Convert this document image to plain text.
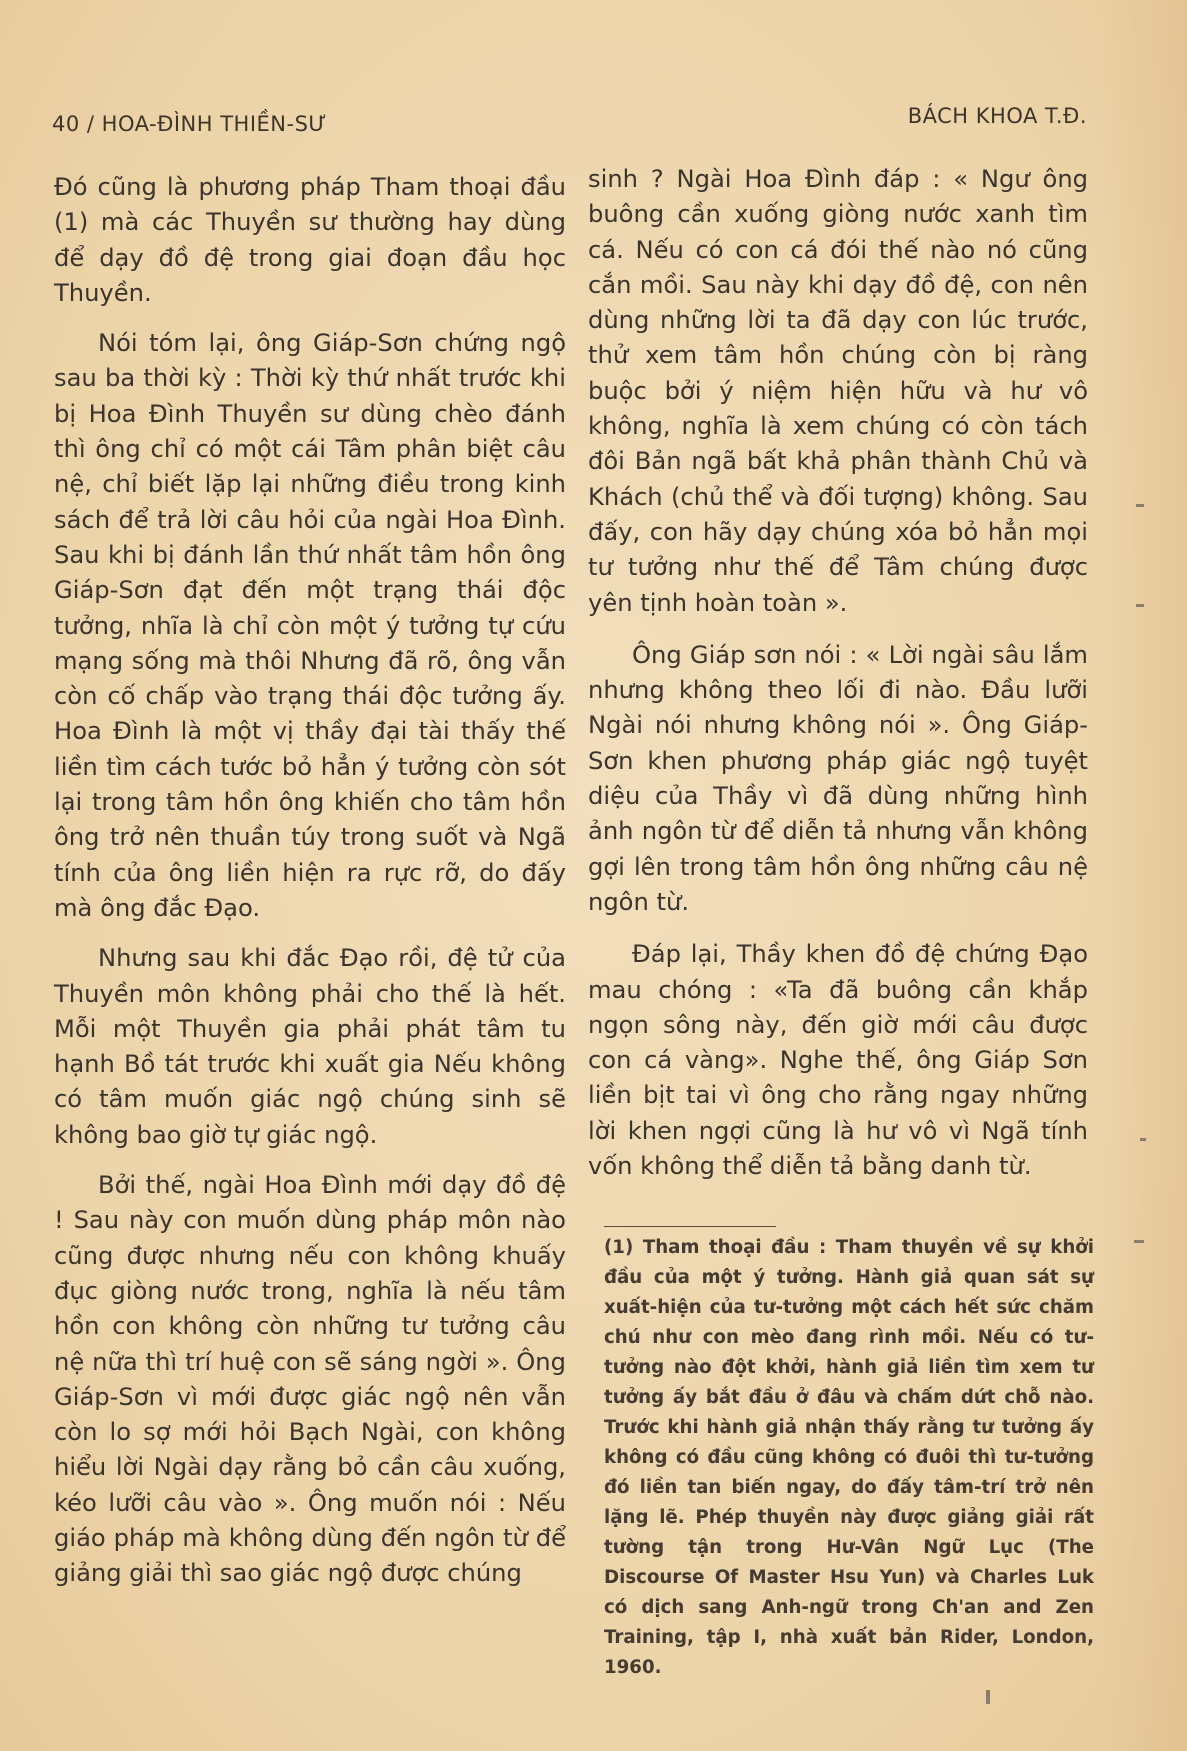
40 / HOA-ĐÌNH THIỀN-SƯ	BÁCH KHOA T.Đ.

Đó cũng là phương pháp Tham thoại đầu (1) mà các Thuyền sư thường hay dùng để dạy đồ đệ trong giai đoạn đầu học Thuyền.

Nói tóm lại, ông Giáp-Sơn chứng ngộ sau ba thời kỳ : Thời kỳ thứ nhất trước khi bị Hoa Đình Thuyền sư dùng chèo đánh thì ông chỉ có một cái Tâm phân biệt câu nệ, chỉ biết lặp lại những điều trong kinh sách để trả lời câu hỏi của ngài Hoa Đình. Sau khi bị đánh lần thứ nhất tâm hồn ông Giáp-Sơn đạt đến một trạng thái độc tưởng, nhĩa là chỉ còn một ý tưởng tự cứu mạng sống mà thôi Nhưng đã rõ, ông vẫn còn cố chấp vào trạng thái độc tưởng ấy. Hoa Đình là một vị thầy đại tài thấy thế liền tìm cách tước bỏ hẳn ý tưởng còn sót lại trong tâm hồn ông khiến cho tâm hồn ông trở nên thuần túy trong suốt và Ngã tính của ông liền hiện ra rực rỡ, do đấy mà ông đắc Đạo.

Nhưng sau khi đắc Đạo rồi, đệ tử của Thuyền môn không phải cho thế là hết. Mỗi một Thuyền gia phải phát tâm tu hạnh Bồ tát trước khi xuất gia Nếu không có tâm muốn giác ngộ chúng sinh sẽ không bao giờ tự giác ngộ.

Bởi thế, ngài Hoa Đình mới dạy đồ đệ ! Sau này con muốn dùng pháp môn nào cũng được nhưng nếu con không khuấy đục giòng nước trong, nghĩa là nếu tâm hồn con không còn những tư tưởng câu nệ nữa thì trí huệ con sẽ sáng ngời ». Ông Giáp-Sơn vì mới được giác ngộ nên vẫn còn lo sợ mới hỏi Bạch Ngài, con không hiểu lời Ngài dạy rằng bỏ cần câu xuống, kéo lưỡi câu vào ». Ông muốn nói : Nếu giáo pháp mà không dùng đến ngôn từ để giảng giải thì sao giác ngộ được chúng

sinh ? Ngài Hoa Đình đáp : « Ngư ông buông cần xuống giòng nước xanh tìm cá. Nếu có con cá đói thế nào nó cũng cắn mồi. Sau này khi dạy đồ đệ, con nên dùng những lời ta đã dạy con lúc trước, thử xem tâm hồn chúng còn bị ràng buộc bởi ý niệm hiện hữu và hư vô không, nghĩa là xem chúng có còn tách đôi Bản ngã bất khả phân thành Chủ và Khách (chủ thể và đối tượng) không. Sau đấy, con hãy dạy chúng xóa bỏ hẳn mọi tư tưởng như thế để Tâm chúng được yên tịnh hoàn toàn ».

Ông Giáp sơn nói : « Lời ngài sâu lắm nhưng không theo lối đi nào. Đầu lưỡi Ngài nói nhưng không nói ». Ông Giáp-Sơn khen phương pháp giác ngộ tuyệt diệu của Thầy vì đã dùng những hình ảnh ngôn từ để diễn tả nhưng vẫn không gợi lên trong tâm hồn ông những câu nệ ngôn từ.

Đáp lại, Thầy khen đồ đệ chứng Đạo mau chóng : «Ta đã buông cần khắp ngọn sông này, đến giờ mới câu được con cá vàng». Nghe thế, ông Giáp Sơn liền bịt tai vì ông cho rằng ngay những lời khen ngợi cũng là hư vô vì Ngã tính vốn không thể diễn tả bằng danh từ.

(1) Tham thoại đầu : Tham thuyền về sự khởi đầu của một ý tưởng. Hành giả quan sát sự xuất-hiện của tư-tưởng một cách hết sức chăm chú như con mèo đang rình mồi. Nếu có tư-tưởng nào đột khởi, hành giả liền tìm xem tư tưởng ấy bắt đầu ở đâu và chấm dứt chỗ nào. Trước khi hành giả nhận thấy rằng tư tưởng ấy không có đầu cũng không có đuôi thì tư-tưởng đó liền tan biến ngay, do đấy tâm-trí trở nên lặng lẽ. Phép thuyền này được giảng giải rất tường tận trong Hư-Vân Ngữ Lục (The Discourse Of Master Hsu Yun) và Charles Luk có dịch sang Anh-ngữ trong Ch'an and Zen Training, tập I, nhà xuất bản Rider, London, 1960.
